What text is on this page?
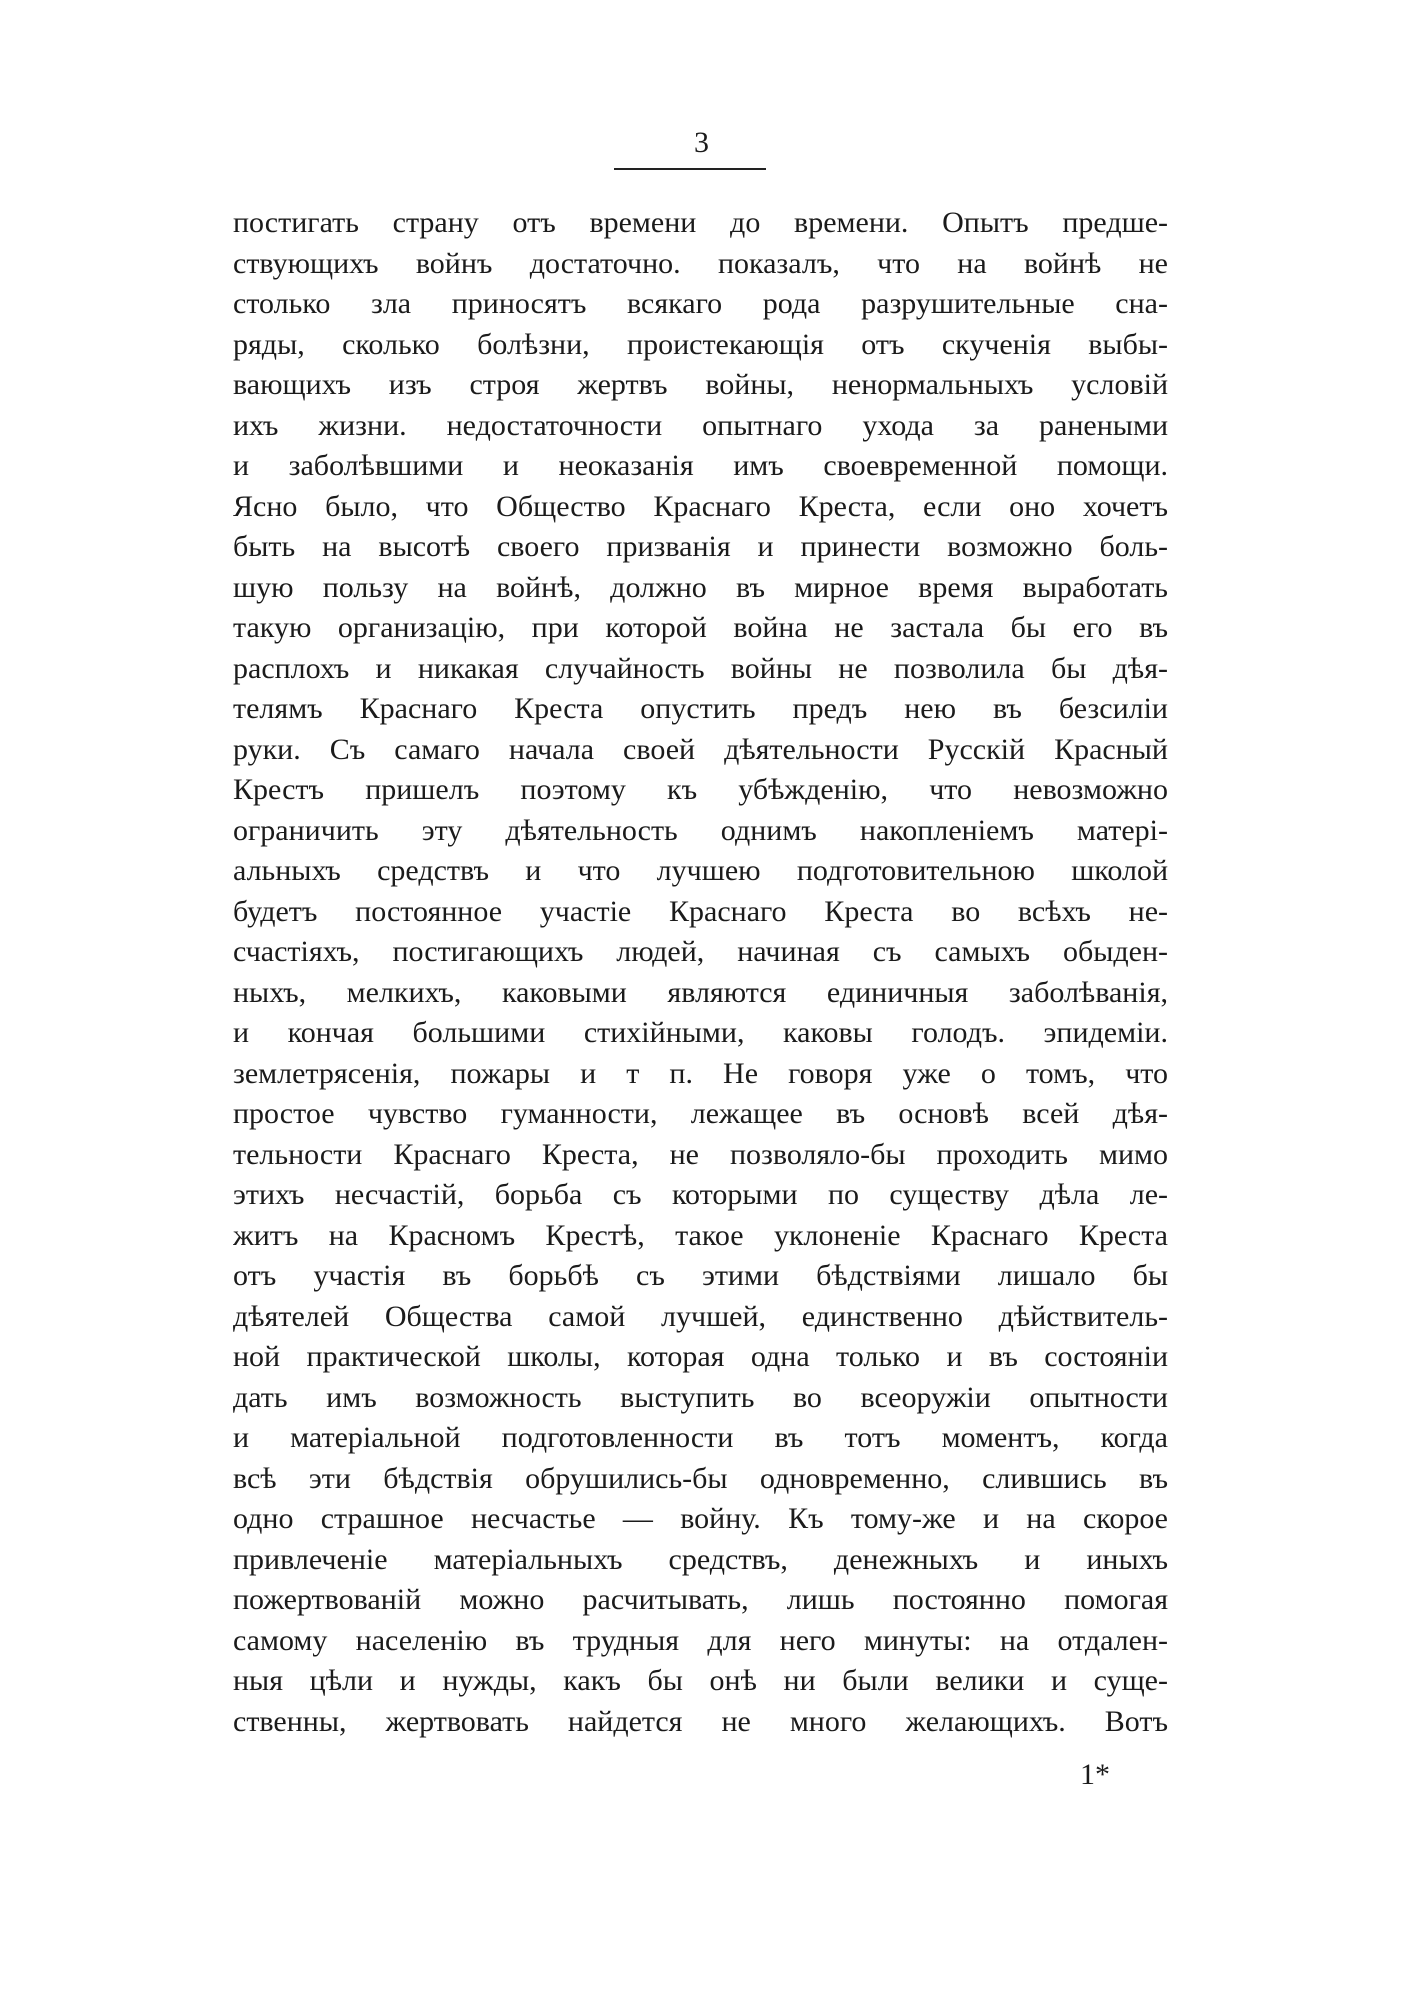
3
постигать страну отъ времени до времени. Опытъ предше-
ствующихъ войнъ достаточно. показалъ, что на войнѣ не
столько зла приносятъ всякаго рода разрушительные сна-
ряды, сколько болѣзни, проистекающія отъ скученія выбы-
вающихъ изъ строя жертвъ войны, ненормальныхъ условій
ихъ жизни. недостаточности опытнаго ухода за ранеными
и заболѣвшими и неоказанія имъ своевременной помощи.
Ясно было, что Общество Краснаго Креста, если оно хочетъ
быть на высотѣ своего призванія и принести возможно боль-
шую пользу на войнѣ, должно въ мирное время выработать
такую организацію, при которой война не застала бы его въ
расплохъ и никакая случайность войны не позволила бы дѣя-
телямъ Краснаго Креста опустить предъ нею въ безсиліи
руки. Съ самаго начала своей дѣятельности Русскій Красный
Крестъ пришелъ поэтому къ убѣжденію, что невозможно
ограничить эту дѣятельность однимъ накопленіемъ матері-
альныхъ средствъ и что лучшею подготовительною школой
будетъ постоянное участіе Краснаго Креста во всѣхъ не-
счастіяхъ, постигающихъ людей, начиная съ самыхъ обыден-
ныхъ, мелкихъ, каковыми являются единичныя заболѣванія,
и кончая большими стихійными, каковы голодъ. эпидеміи.
землетрясенія, пожары и т п. Не говоря уже о томъ, что
простое чувство гуманности, лежащее въ основѣ всей дѣя-
тельности Краснаго Креста, не позволяло-бы проходить мимо
этихъ несчастій, борьба съ которыми по существу дѣла ле-
житъ на Красномъ Крестѣ, такое уклоненіе Краснаго Креста
отъ участія въ борьбѣ съ этими бѣдствіями лишало бы
дѣятелей Общества самой лучшей, единственно дѣйствитель-
ной практической школы, которая одна только и въ состояніи
дать имъ возможность выступить во всеоружіи опытности
и матеріальной подготовленности въ тотъ моментъ, когда
всѣ эти бѣдствія обрушились-бы одновременно, слившись въ
одно страшное несчастье — войну. Къ тому-же и на скорое
привлеченіе матеріальныхъ средствъ, денежныхъ и иныхъ
пожертвованій можно расчитывать, лишь постоянно помогая
самому населенію въ трудныя для него минуты: на отдален-
ныя цѣли и нужды, какъ бы онѣ ни были велики и суще-
ственны, жертвовать найдется не много желающихъ. Вотъ
1*
